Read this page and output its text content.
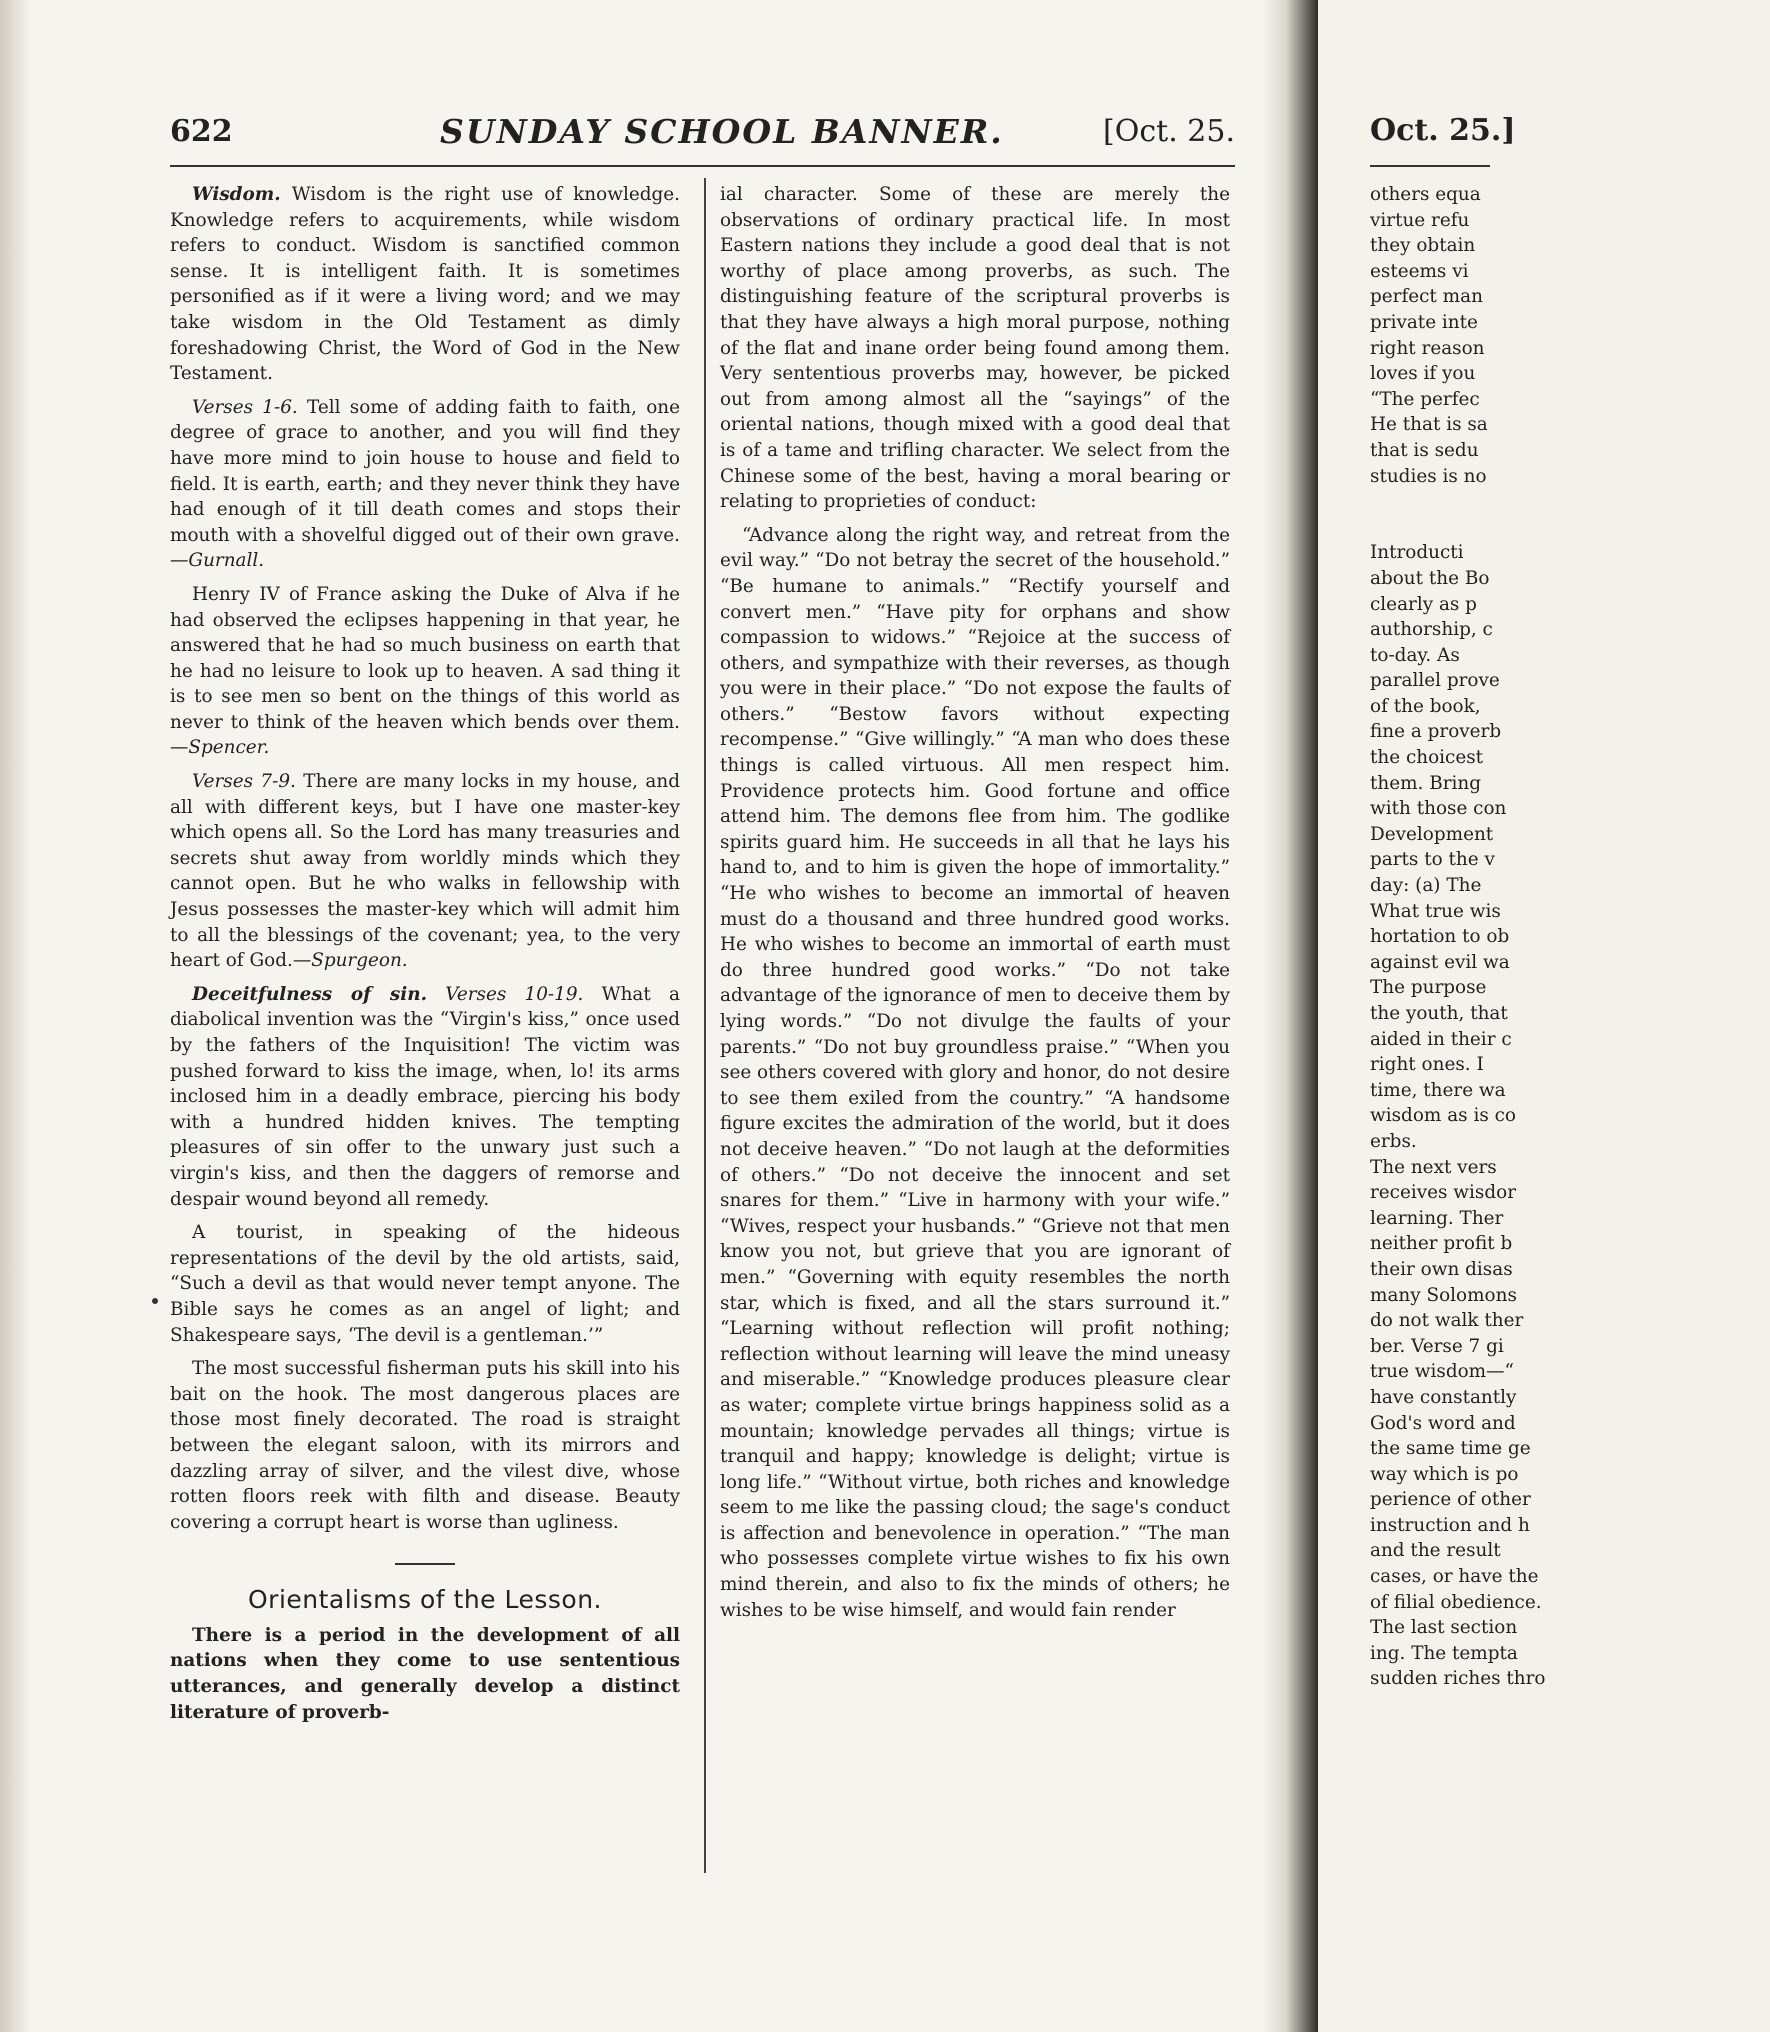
622	SUNDAY SCHOOL BANNER.	[Oct. 25.

Wisdom. Wisdom is the right use of knowledge. Knowledge refers to acquirements, while wisdom refers to conduct. Wisdom is sanctified common sense. It is intelligent faith. It is sometimes personified as if it were a living word; and we may take wisdom in the Old Testament as dimly foreshadowing Christ, the Word of God in the New Testament.

Verses 1-6. Tell some of adding faith to faith, one degree of grace to another, and you will find they have more mind to join house to house and field to field. It is earth, earth; and they never think they have had enough of it till death comes and stops their mouth with a shovelful digged out of their own grave.—Gurnall.

Henry IV of France asking the Duke of Alva if he had observed the eclipses happening in that year, he answered that he had so much business on earth that he had no leisure to look up to heaven. A sad thing it is to see men so bent on the things of this world as never to think of the heaven which bends over them.—Spencer.

Verses 7-9. There are many locks in my house, and all with different keys, but I have one master-key which opens all. So the Lord has many treasuries and secrets shut away from worldly minds which they cannot open. But he who walks in fellowship with Jesus possesses the master-key which will admit him to all the blessings of the covenant; yea, to the very heart of God.—Spurgeon.

Deceitfulness of sin. Verses 10-19. What a diabolical invention was the “Virgin's kiss,” once used by the fathers of the Inquisition! The victim was pushed forward to kiss the image, when, lo! its arms inclosed him in a deadly embrace, piercing his body with a hundred hidden knives. The tempting pleasures of sin offer to the unwary just such a virgin's kiss, and then the daggers of remorse and despair wound beyond all remedy.

A tourist, in speaking of the hideous representations of the devil by the old artists, said, “Such a devil as that would never tempt anyone. The Bible says he comes as an angel of light; and Shakespeare says, ‘The devil is a gentleman.’”

The most successful fisherman puts his skill into his bait on the hook. The most dangerous places are those most finely decorated. The road is straight between the elegant saloon, with its mirrors and dazzling array of silver, and the vilest dive, whose rotten floors reek with filth and disease. Beauty covering a corrupt heart is worse than ugliness.

Orientalisms of the Lesson.

There is a period in the development of all nations when they come to use sententious utterances, and generally develop a distinct literature of proverb-

ial character. Some of these are merely the observations of ordinary practical life. In most Eastern nations they include a good deal that is not worthy of place among proverbs, as such. The distinguishing feature of the scriptural proverbs is that they have always a high moral purpose, nothing of the flat and inane order being found among them. Very sententious proverbs may, however, be picked out from among almost all the “sayings” of the oriental nations, though mixed with a good deal that is of a tame and trifling character. We select from the Chinese some of the best, having a moral bearing or relating to proprieties of conduct:

“Advance along the right way, and retreat from the evil way.” “Do not betray the secret of the household.” “Be humane to animals.” “Rectify yourself and convert men.” “Have pity for orphans and show compassion to widows.” “Rejoice at the success of others, and sympathize with their reverses, as though you were in their place.” “Do not expose the faults of others.” “Bestow favors without expecting recompense.” “Give willingly.” “A man who does these things is called virtuous. All men respect him. Providence protects him. Good fortune and office attend him. The demons flee from him. The godlike spirits guard him. He succeeds in all that he lays his hand to, and to him is given the hope of immortality.” “He who wishes to become an immortal of heaven must do a thousand and three hundred good works. He who wishes to become an immortal of earth must do three hundred good works.” “Do not take advantage of the ignorance of men to deceive them by lying words.” “Do not divulge the faults of your parents.” “Do not buy groundless praise.” “When you see others covered with glory and honor, do not desire to see them exiled from the country.” “A handsome figure excites the admiration of the world, but it does not deceive heaven.” “Do not laugh at the deformities of others.” “Do not deceive the innocent and set snares for them.” “Live in harmony with your wife.” “Wives, respect your husbands.” “Grieve not that men know you not, but grieve that you are ignorant of men.” “Governing with equity resembles the north star, which is fixed, and all the stars surround it.” “Learning without reflection will profit nothing; reflection without learning will leave the mind uneasy and miserable.” “Knowledge produces pleasure clear as water; complete virtue brings happiness solid as a mountain; knowledge pervades all things; virtue is tranquil and happy; knowledge is delight; virtue is long life.” “Without virtue, both riches and knowledge seem to me like the passing cloud; the sage's conduct is affection and benevolence in operation.” “The man who possesses complete virtue wishes to fix his own mind therein, and also to fix the minds of others; he wishes to be wise himself, and would fain render

Oct. 25.]
others equa
virtue refu
they obtain
esteems vi
perfect man
private inte
right reason
loves if you
“The perfec
He that is sa
that is sedu
studies is no
Introducti
about the Bo
clearly as p
authorship, c
to-day. As
parallel prove
of the book,
fine a proverb
the choicest
them. Bring
with those con
Development
parts to the v
day: (a) The
What true wis
hortation to ob
against evil wa
The purpose
the youth, that
aided in their c
right ones. I
time, there wa
wisdom as is co
erbs.
The next vers
receives wisdor
learning. Ther
neither profit b
their own disas
many Solomons
do not walk ther
ber. Verse 7 gi
true wisdom—“
have constantly
God's word and
the same time ge
way which is po
perience of other
instruction and h
and the result
cases, or have the
of filial obedience.
The last section
ing. The tempta
sudden riches thro
